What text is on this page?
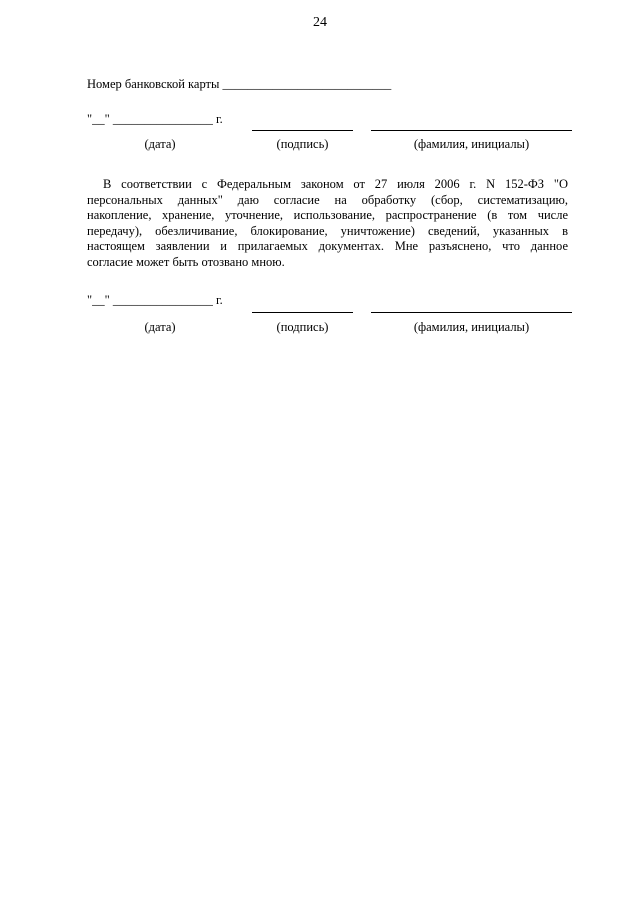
24
Номер банковской карты ___________________________
"__" ________________ г.
(дата)	(подпись)	(фамилия, инициалы)
В соответствии с Федеральным законом от 27 июля 2006 г. N 152-ФЗ "О
персональных данных" даю согласие на обработку (сбор, систематизацию,
накопление, хранение, уточнение, использование, распространение (в том числе
передачу), обезличивание, блокирование, уничтожение) сведений, указанных в
настоящем заявлении и прилагаемых документах. Мне разъяснено, что данное
согласие может быть отозвано мною.
"__" ________________ г.
(дата)	(подпись)	(фамилия, инициалы)
